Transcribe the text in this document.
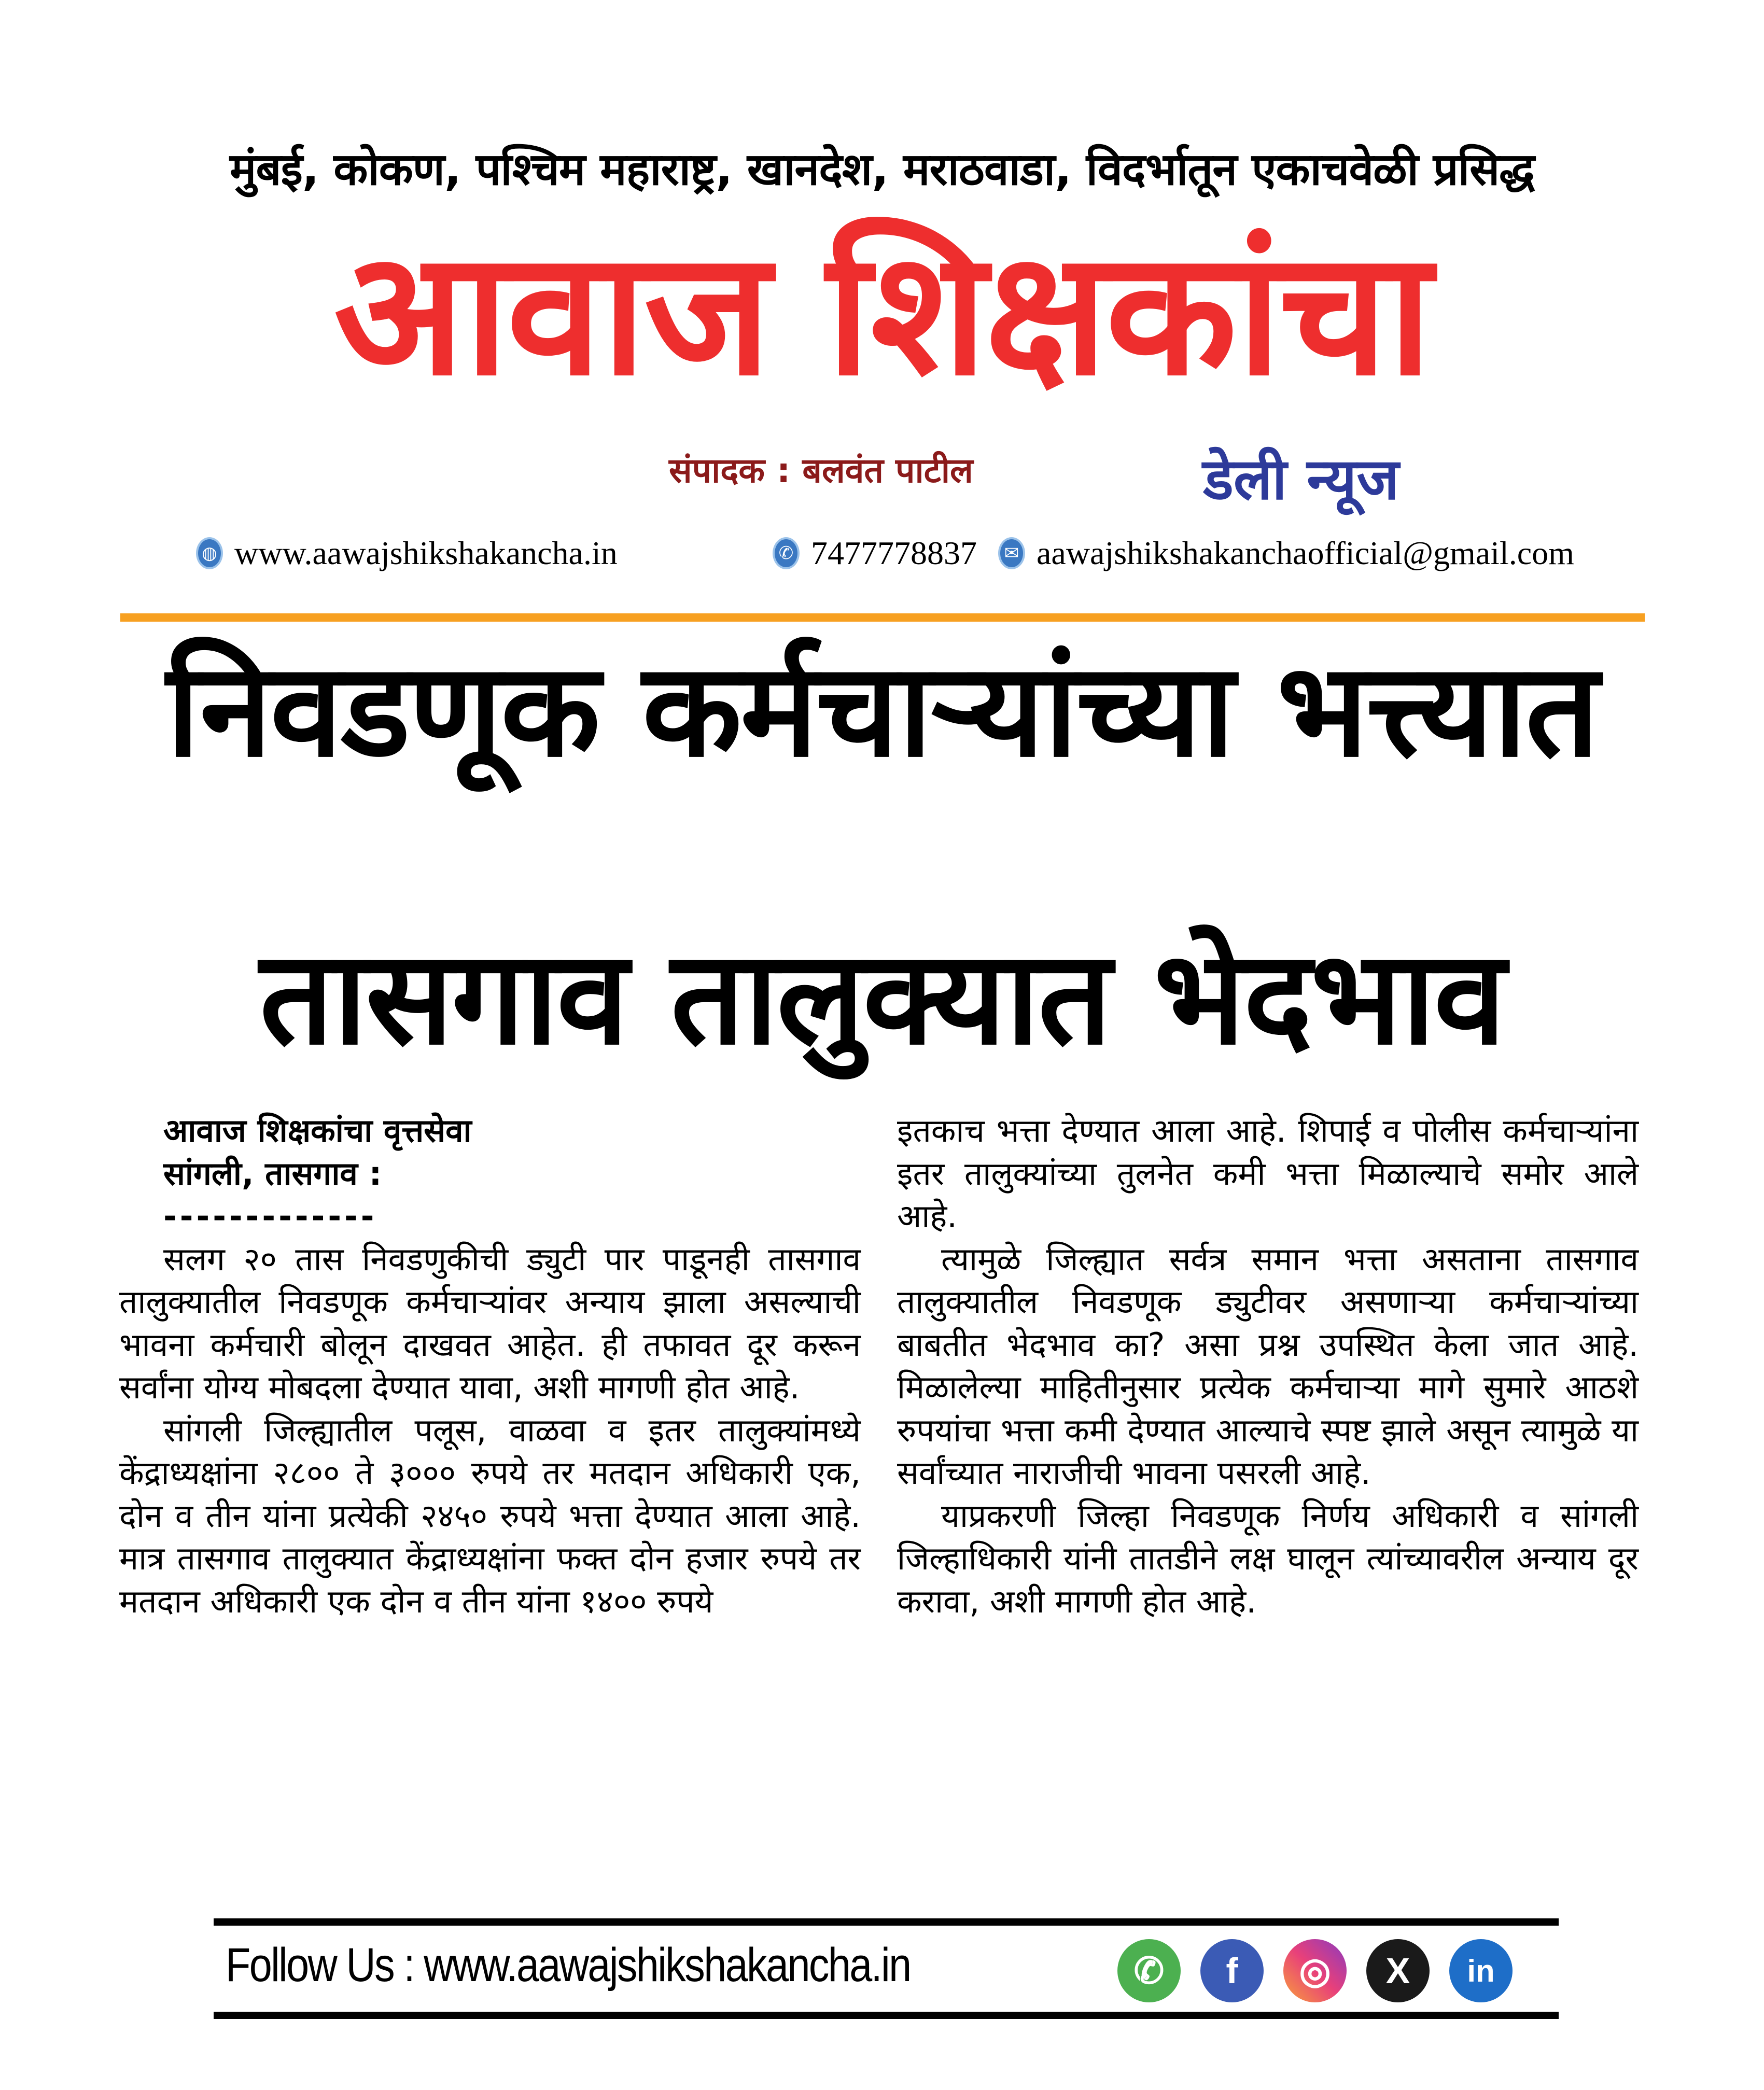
मुंबई, कोकण, पश्चिम महाराष्ट्र, खानदेश, मराठवाडा, विदर्भातून एकाचवेळी प्रसिद्ध
आवाज शिक्षकांचा
संपादक : बलवंत पाटील	डेली न्यूज
◍ www.aawajshikshakancha.in	✆ 7477778837	✉ aawajshikshakanchaofficial@gmail.com
निवडणूक कर्मचाऱ्यांच्या भत्त्यात
तासगाव तालुक्यात भेदभाव
आवाज शिक्षकांचा वृत्तसेवा
सांगली, तासगाव :
-------------

सलग २० तास निवडणुकीची ड्युटी पार पाडूनही तासगाव तालुक्यातील निवडणूक कर्मचाऱ्यांवर अन्याय झाला असल्याची भावना कर्मचारी बोलून दाखवत आहेत. ही तफावत दूर करून सर्वांना योग्य मोबदला देण्यात यावा, अशी मागणी होत आहे.

सांगली जिल्ह्यातील पलूस, वाळवा व इतर तालुक्यांमध्ये केंद्राध्यक्षांना २८०० ते ३००० रुपये तर मतदान अधिकारी एक, दोन व तीन यांना प्रत्येकी २४५० रुपये भत्ता देण्यात आला आहे. मात्र तासगाव तालुक्यात केंद्राध्यक्षांना फक्त दोन हजार रुपये तर मतदान अधिकारी एक दोन व तीन यांना १४०० रुपये

इतकाच भत्ता देण्यात आला आहे. शिपाई व पोलीस कर्मचाऱ्यांना इतर तालुक्यांच्या तुलनेत कमी भत्ता मिळाल्याचे समोर आले आहे.

त्यामुळे जिल्ह्यात सर्वत्र समान भत्ता असताना तासगाव तालुक्यातील निवडणूक ड्युटीवर असणाऱ्या कर्मचाऱ्यांच्या बाबतीत भेदभाव का? असा प्रश्न उपस्थित केला जात आहे. मिळालेल्या माहितीनुसार प्रत्येक कर्मचाऱ्या मागे सुमारे आठशे रुपयांचा भत्ता कमी देण्यात आल्याचे स्पष्ट झाले असून त्यामुळे या सर्वांच्यात नाराजीची भावना पसरली आहे.

याप्रकरणी जिल्हा निवडणूक निर्णय अधिकारी व सांगली जिल्हाधिकारी यांनी तातडीने लक्ष घालून त्यांच्यावरील अन्याय दूर करावा, अशी मागणी होत आहे.

Follow Us : www.aawajshikshakancha.in	✆	f	◎	X	in
